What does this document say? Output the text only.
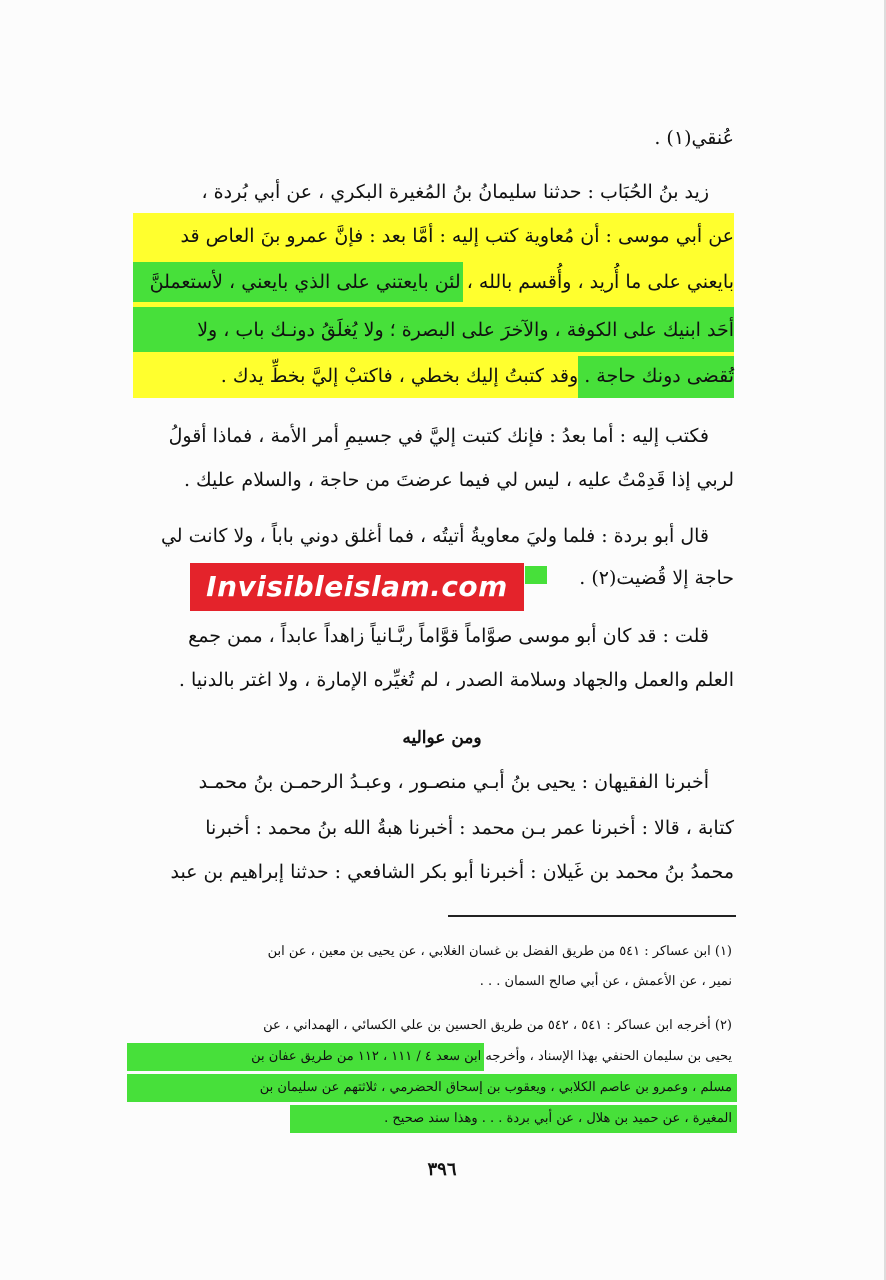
عُنقي(١) .
زيد بنُ الحُبَاب : حدثنا سليمانُ بنُ المُغيرة البكري ، عن أبي بُردة ،
عن أبي موسى : أن مُعاوية كتب إليه : أمَّا بعد : فإنَّ عمرو بنَ العاص قد
بايعني على ما أُريد ، وأُقسم بالله ، لئن بايعتني على الذي بايعني ، لأستعملنَّ
أحَد ابنيك على الكوفة ، والآخرَ على البصرة ؛ ولا يُغلَقُ دونـك باب ، ولا
تُقضى دونك حاجة . وقد كتبتُ إليك بخطي ، فاكتبْ إليَّ بخطِّ يدك .
فكتب إليه : أما بعدُ : فإنك كتبت إليَّ في جسيمِ أمر الأمة ، فماذا أقولُ
لربي إذا قَدِمْتُ عليه ، ليس لي فيما عرضتَ من حاجة ، والسلام عليك .
قال أبو بردة : فلما وليَ معاويةُ أتيتُه ، فما أغلق دوني باباً ، ولا كانت لي
حاجة إلا قُضيت(٢) .
Invisibleislam.com
قلت : قد كان أبو موسى صوَّاماً قوَّاماً ربَّـانياً زاهداً عابداً ، ممن جمع
العلم والعمل والجهاد وسلامة الصدر ، لم تُغيِّره الإمارة ، ولا اغتر بالدنيا .
ومن عواليه
أخبرنا الفقيهان : يحيى بنُ أبـي منصـور ، وعبـدُ الرحمـن بنُ محمـد
كتابة ، قالا : أخبرنا عمر بـن محمد : أخبرنا هبةُ الله بنُ محمد : أخبرنا
محمدُ بنُ محمد بن غَيلان : أخبرنا أبو بكر الشافعي : حدثنا إبراهيم بن عبد
(١) ابن عساكر : ٥٤١ من طريق الفضل بن غسان الغلابي ، عن يحيى بن معين ، عن ابن
نمير ، عن الأعمش ، عن أبي صالح السمان . . .
(٢) أخرجه ابن عساكر : ٥٤١ ، ٥٤٢ من طريق الحسين بن علي الكسائي ، الهمداني ، عن
يحيى بن سليمان الحنفي بهذا الإسناد ، وأخرجه ابن سعد ٤ / ١١١ ، ١١٢ من طريق عفان بن
مسلم ، وعمرو بن عاصم الكلابي ، ويعقوب بن إسحاق الحضرمي ، ثلاثتهم عن سليمان بن
المغيرة ، عن حميد بن هلال ، عن أبي بردة . . . وهذا سند صحيح .
٣٩٦
